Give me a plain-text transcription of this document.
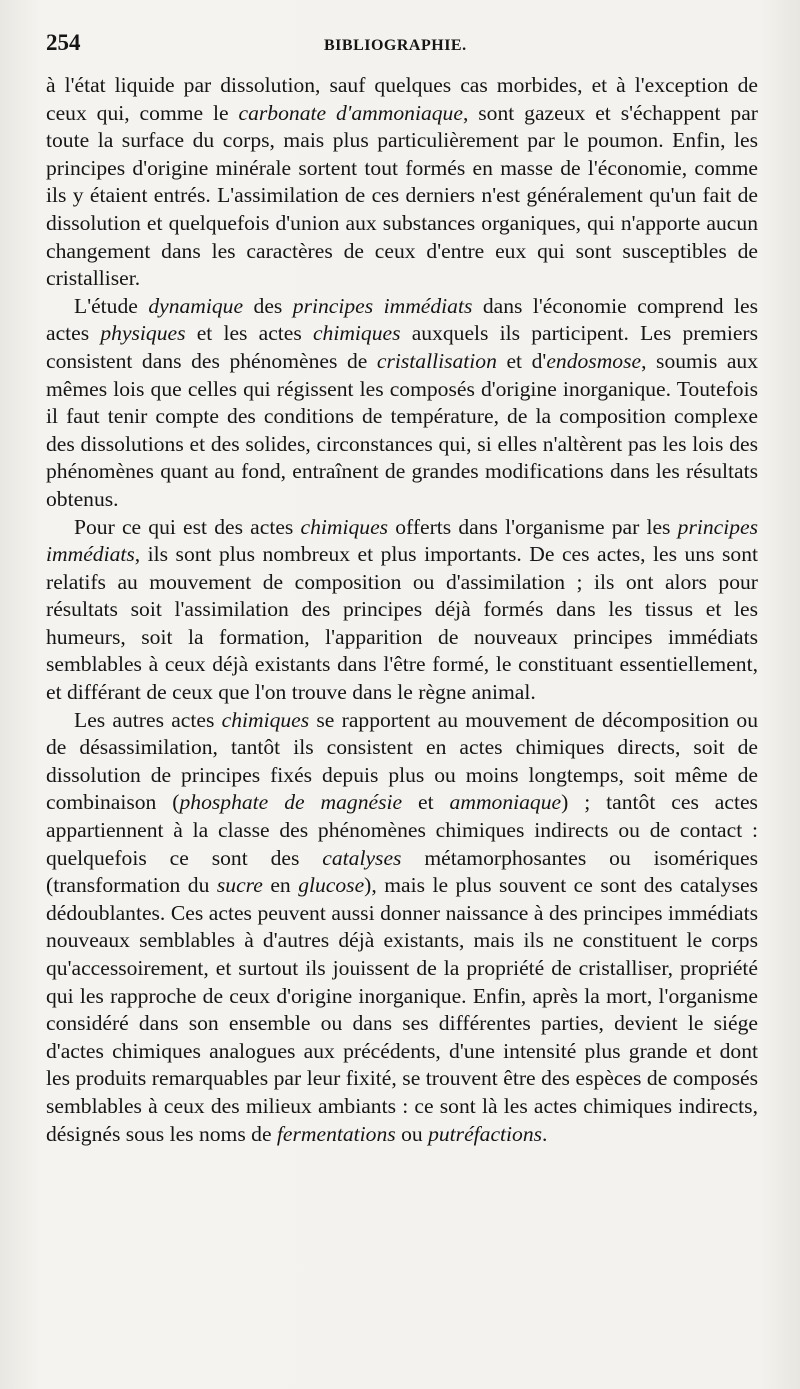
254	BIBLIOGRAPHIE.

à l'état liquide par dissolution, sauf quelques cas morbides, et à l'exception de ceux qui, comme le carbonate d'ammoniaque, sont gazeux et s'échappent par toute la surface du corps, mais plus particulièrement par le poumon. Enfin, les principes d'origine minérale sortent tout formés en masse de l'économie, comme ils y étaient entrés. L'assimilation de ces derniers n'est généralement qu'un fait de dissolution et quelquefois d'union aux substances organiques, qui n'apporte aucun changement dans les caractères de ceux d'entre eux qui sont susceptibles de cristalliser.

L'étude dynamique des principes immédiats dans l'économie comprend les actes physiques et les actes chimiques auxquels ils participent. Les premiers consistent dans des phénomènes de cristallisation et d'endosmose, soumis aux mêmes lois que celles qui régissent les composés d'origine inorganique. Toutefois il faut tenir compte des conditions de température, de la composition complexe des dissolutions et des solides, circonstances qui, si elles n'altèrent pas les lois des phénomènes quant au fond, entraînent de grandes modifications dans les résultats obtenus.

Pour ce qui est des actes chimiques offerts dans l'organisme par les principes immédiats, ils sont plus nombreux et plus importants. De ces actes, les uns sont relatifs au mouvement de composition ou d'assimilation ; ils ont alors pour résultats soit l'assimilation des principes déjà formés dans les tissus et les humeurs, soit la formation, l'apparition de nouveaux principes immédiats semblables à ceux déjà existants dans l'être formé, le constituant essentiellement, et différant de ceux que l'on trouve dans le règne animal.

Les autres actes chimiques se rapportent au mouvement de décomposition ou de désassimilation, tantôt ils consistent en actes chimiques directs, soit de dissolution de principes fixés depuis plus ou moins longtemps, soit même de combinaison (phosphate de magnésie et ammoniaque) ; tantôt ces actes appartiennent à la classe des phénomènes chimiques indirects ou de contact : quelquefois ce sont des catalyses métamorphosantes ou isomériques (transformation du sucre en glucose), mais le plus souvent ce sont des catalyses dédoublantes. Ces actes peuvent aussi donner naissance à des principes immédiats nouveaux semblables à d'autres déjà existants, mais ils ne constituent le corps qu'accessoirement, et surtout ils jouissent de la propriété de cristalliser, propriété qui les rapproche de ceux d'origine inorganique. Enfin, après la mort, l'organisme considéré dans son ensemble ou dans ses différentes parties, devient le siége d'actes chimiques analogues aux précédents, d'une intensité plus grande et dont les produits remarquables par leur fixité, se trouvent être des espèces de composés semblables à ceux des milieux ambiants : ce sont là les actes chimiques indirects, désignés sous les noms de fermentations ou putréfactions.
